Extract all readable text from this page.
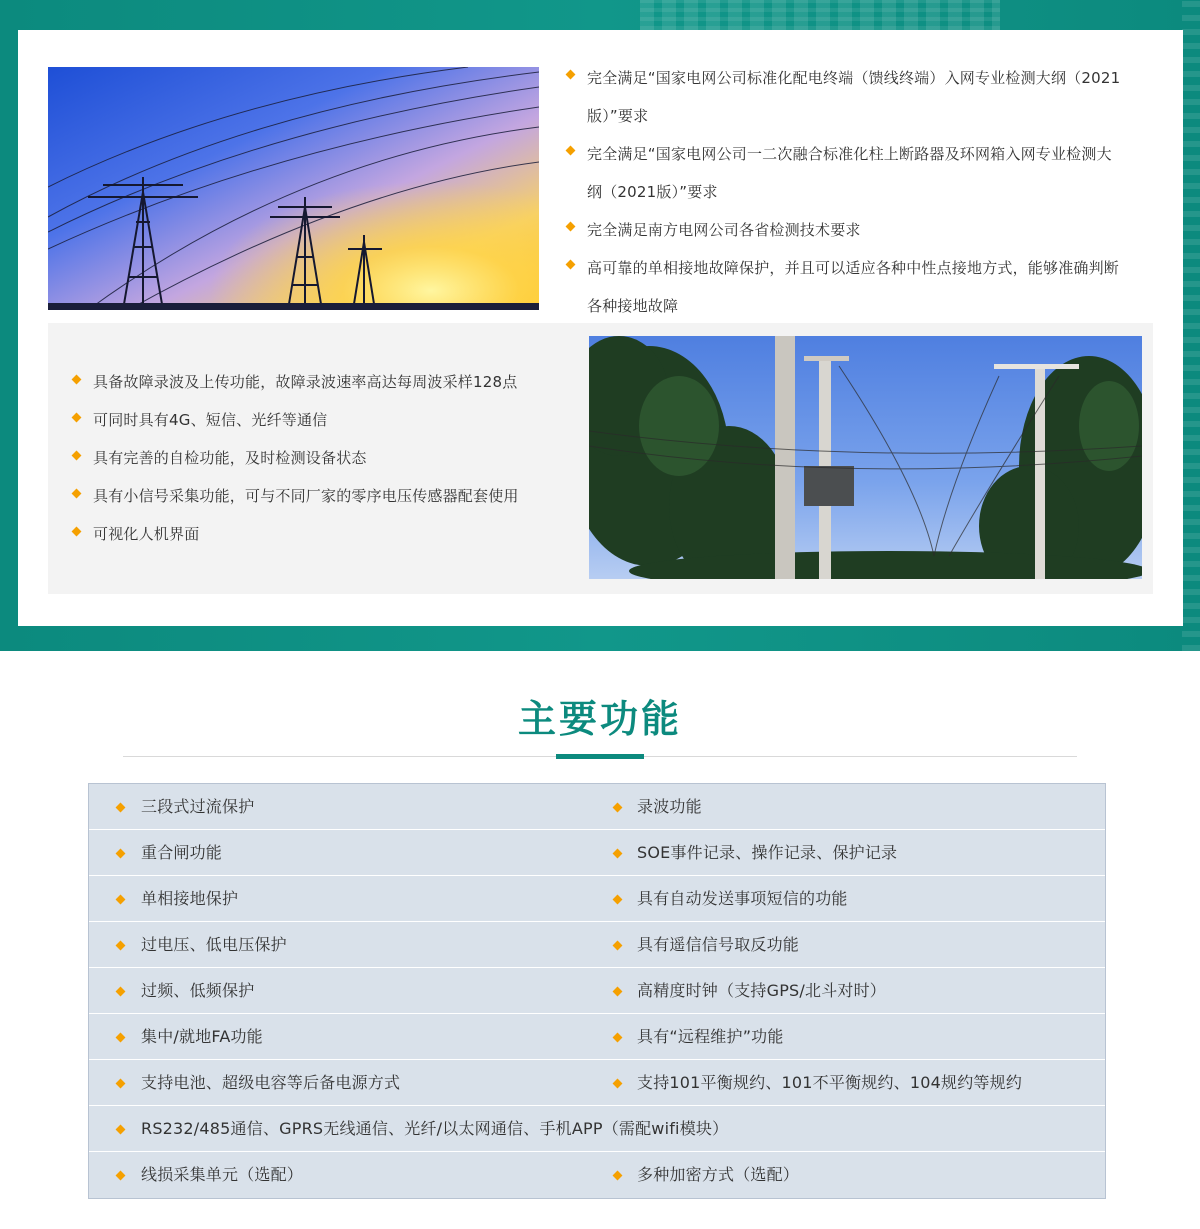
完全满足“国家电网公司标准化配电终端（馈线终端）入网专业检测大纲（2021
版）”要求
完全满足“国家电网公司一二次融合标准化柱上断路器及环网箱入网专业检测大
纲（2021版）”要求
完全满足南方电网公司各省检测技术要求
高可靠的单相接地故障保护，并且可以适应各种中性点接地方式，能够准确判断
各种接地故障
具备故障录波及上传功能，故障录波速率高达每周波采样128点
可同时具有4G、短信、光纤等通信
具有完善的自检功能，及时检测设备状态
具有小信号采集功能，可与不同厂家的零序电压传感器配套使用
可视化人机界面
主要功能
三段式过流保护	录波功能
重合闸功能	SOE事件记录、操作记录、保护记录
单相接地保护	具有自动发送事项短信的功能
过电压、低电压保护	具有遥信信号取反功能
过频、低频保护	高精度时钟（支持GPS/北斗对时）
集中/就地FA功能	具有“远程维护”功能
支持电池、超级电容等后备电源方式	支持101平衡规约、101不平衡规约、104规约等规约
RS232/485通信、GPRS无线通信、光纤/以太网通信、手机APP（需配wifi模块）
线损采集单元（选配）	多种加密方式（选配）
